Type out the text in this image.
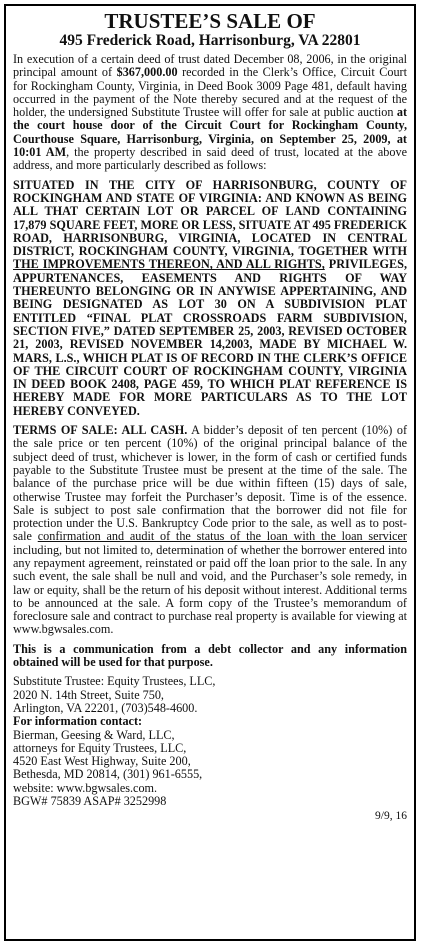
TRUSTEE’S SALE OF
495 Frederick Road, Harrisonburg, VA 22801

In execution of a certain deed of trust dated December 08, 2006, in the original principal amount of $367,000.00 recorded in the Clerk’s Office, Circuit Court for Rockingham County, Virginia, in Deed Book 3009 Page 481, default having occurred in the payment of the Note thereby secured and at the request of the holder, the undersigned Substitute Trustee will offer for sale at public auction at the court house door of the Circuit Court for Rockingham County, Courthouse Square, Harrisonburg, Virginia, on September 25, 2009, at 10:01 AM, the property described in said deed of trust, located at the above address, and more particularly described as follows:

SITUATED IN THE CITY OF HARRISONBURG, COUNTY OF ROCKINGHAM AND STATE OF VIRGINIA: AND KNOWN AS BEING ALL THAT CERTAIN LOT OR PARCEL OF LAND CONTAINING 17,879 SQUARE FEET, MORE OR LESS, SITUATE AT 495 FREDERICK ROAD, HARRISONBURG, VIRGINIA, LOCATED IN CENTRAL DISTRICT, ROCKINGHAM COUNTY, VIRGINIA, TOGETHER WITH THE IMPROVEMENTS THEREON, AND ALL RIGHTS, PRIVILEGES, APPURTENANCES, EASEMENTS AND RIGHTS OF WAY THEREUNTO BELONGING OR IN ANYWISE APPERTAINING, AND BEING DESIGNATED AS LOT 30 ON A SUBDIVISION PLAT ENTITLED “FINAL PLAT CROSSROADS FARM SUBDIVISION, SECTION FIVE,” DATED SEPTEMBER 25, 2003, REVISED OCTOBER 21, 2003, REVISED NOVEMBER 14,2003, MADE BY MICHAEL W. MARS, L.S., WHICH PLAT IS OF RECORD IN THE CLERK’S OFFICE OF THE CIRCUIT COURT OF ROCKINGHAM COUNTY, VIRGINIA IN DEED BOOK 2408, PAGE 459, TO WHICH PLAT REFERENCE IS HEREBY MADE FOR MORE PARTICULARS AS TO THE LOT HEREBY CONVEYED.

TERMS OF SALE: ALL CASH. A bidder’s deposit of ten percent (10%) of the sale price or ten percent (10%) of the original principal balance of the subject deed of trust, whichever is lower, in the form of cash or certified funds payable to the Substitute Trustee must be present at the time of the sale. The balance of the purchase price will be due within fifteen (15) days of sale, otherwise Trustee may forfeit the Purchaser’s deposit. Time is of the essence. Sale is subject to post sale confirmation that the borrower did not file for protection under the U.S. Bankruptcy Code prior to the sale, as well as to post-sale confirmation and audit of the status of the loan with the loan servicer including, but not limited to, determination of whether the borrower entered into any repayment agreement, reinstated or paid off the loan prior to the sale. In any such event, the sale shall be null and void, and the Purchaser’s sole remedy, in law or equity, shall be the return of his deposit without interest. Additional terms to be announced at the sale. A form copy of the Trustee’s memorandum of foreclosure sale and contract to purchase real property is available for viewing at www.bgwsales.com.

This is a communication from a debt collector and any information obtained will be used for that purpose.

Substitute Trustee: Equity Trustees, LLC,
2020 N. 14th Street, Suite 750,
Arlington, VA 22201, (703)548-4600.
For information contact:
Bierman, Geesing & Ward, LLC,
attorneys for Equity Trustees, LLC,
4520 East West Highway, Suite 200,
Bethesda, MD 20814, (301) 961-6555,
website: www.bgwsales.com.
BGW# 75839 ASAP# 3252998
9/9, 16
